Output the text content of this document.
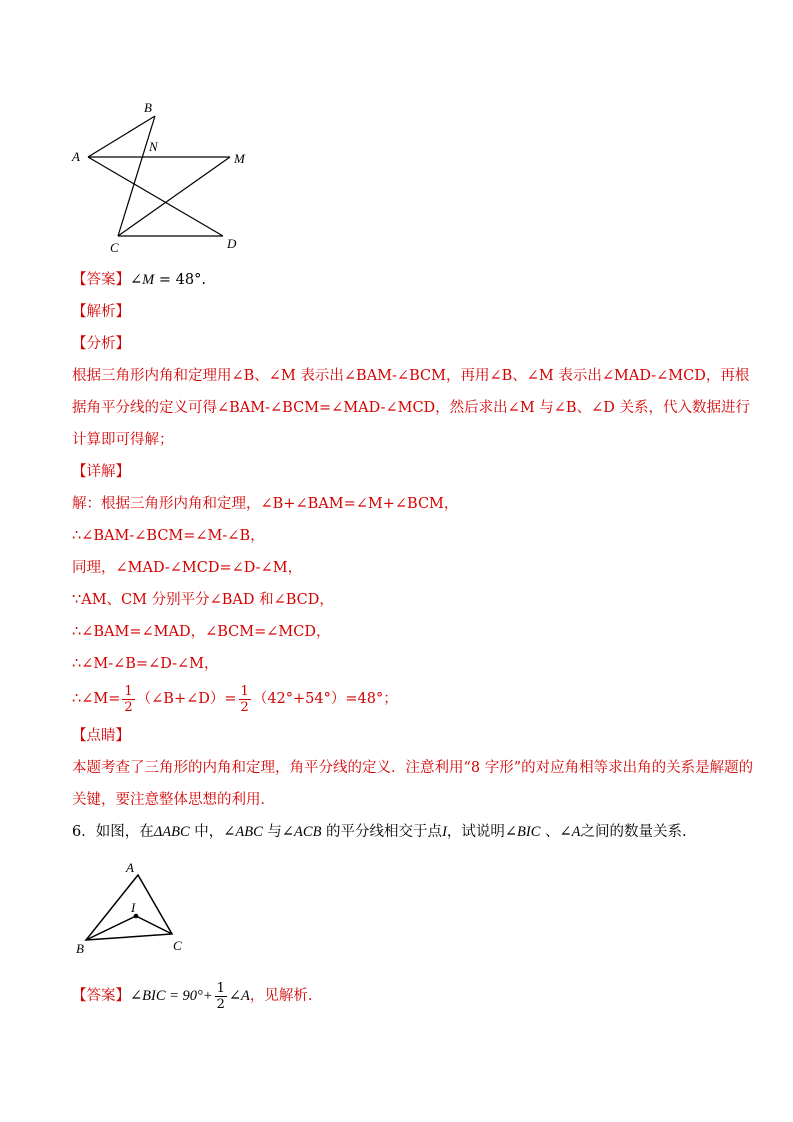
B
A
N
M
C	D
【答案】∠M = 48°.
【解析】
【分析】
根据三角形内角和定理用∠B、∠M 表示出∠BAM-∠BCM，再用∠B、∠M 表示出∠MAD-∠MCD，再根
据角平分线的定义可得∠BAM-∠BCM=∠MAD-∠MCD，然后求出∠M 与∠B、∠D 关系，代入数据进行
计算即可得解；
【详解】
解：根据三角形内角和定理，∠B+∠BAM=∠M+∠BCM，
∴∠BAM-∠BCM=∠M-∠B，
同理，∠MAD-∠MCD=∠D-∠M，
∵AM、CM 分别平分∠BAD 和∠BCD，
∴∠BAM=∠MAD，∠BCM=∠MCD，
∴∠M-∠B=∠D-∠M，
∴∠M= $\frac{1}{2}$ （∠B+∠D）= $\frac{1}{2} (42^\circ+54^\circ)=48^\circ$；
【点睛】
本题考查了三角形的内角和定理，角平分线的定义．注意利用“8 字形”的对应角相等求出角的关系是解题的
关键，要注意整体思想的利用．
6．如图，在ΔABC 中，∠ABC 与∠ACB 的平分线相交于点I，试说明∠BIC 、∠A之间的数量关系.
A
I
B	C
【答案】∠BIC = $90^\circ+ \frac{1}{2}$ ∠A，见解析.
